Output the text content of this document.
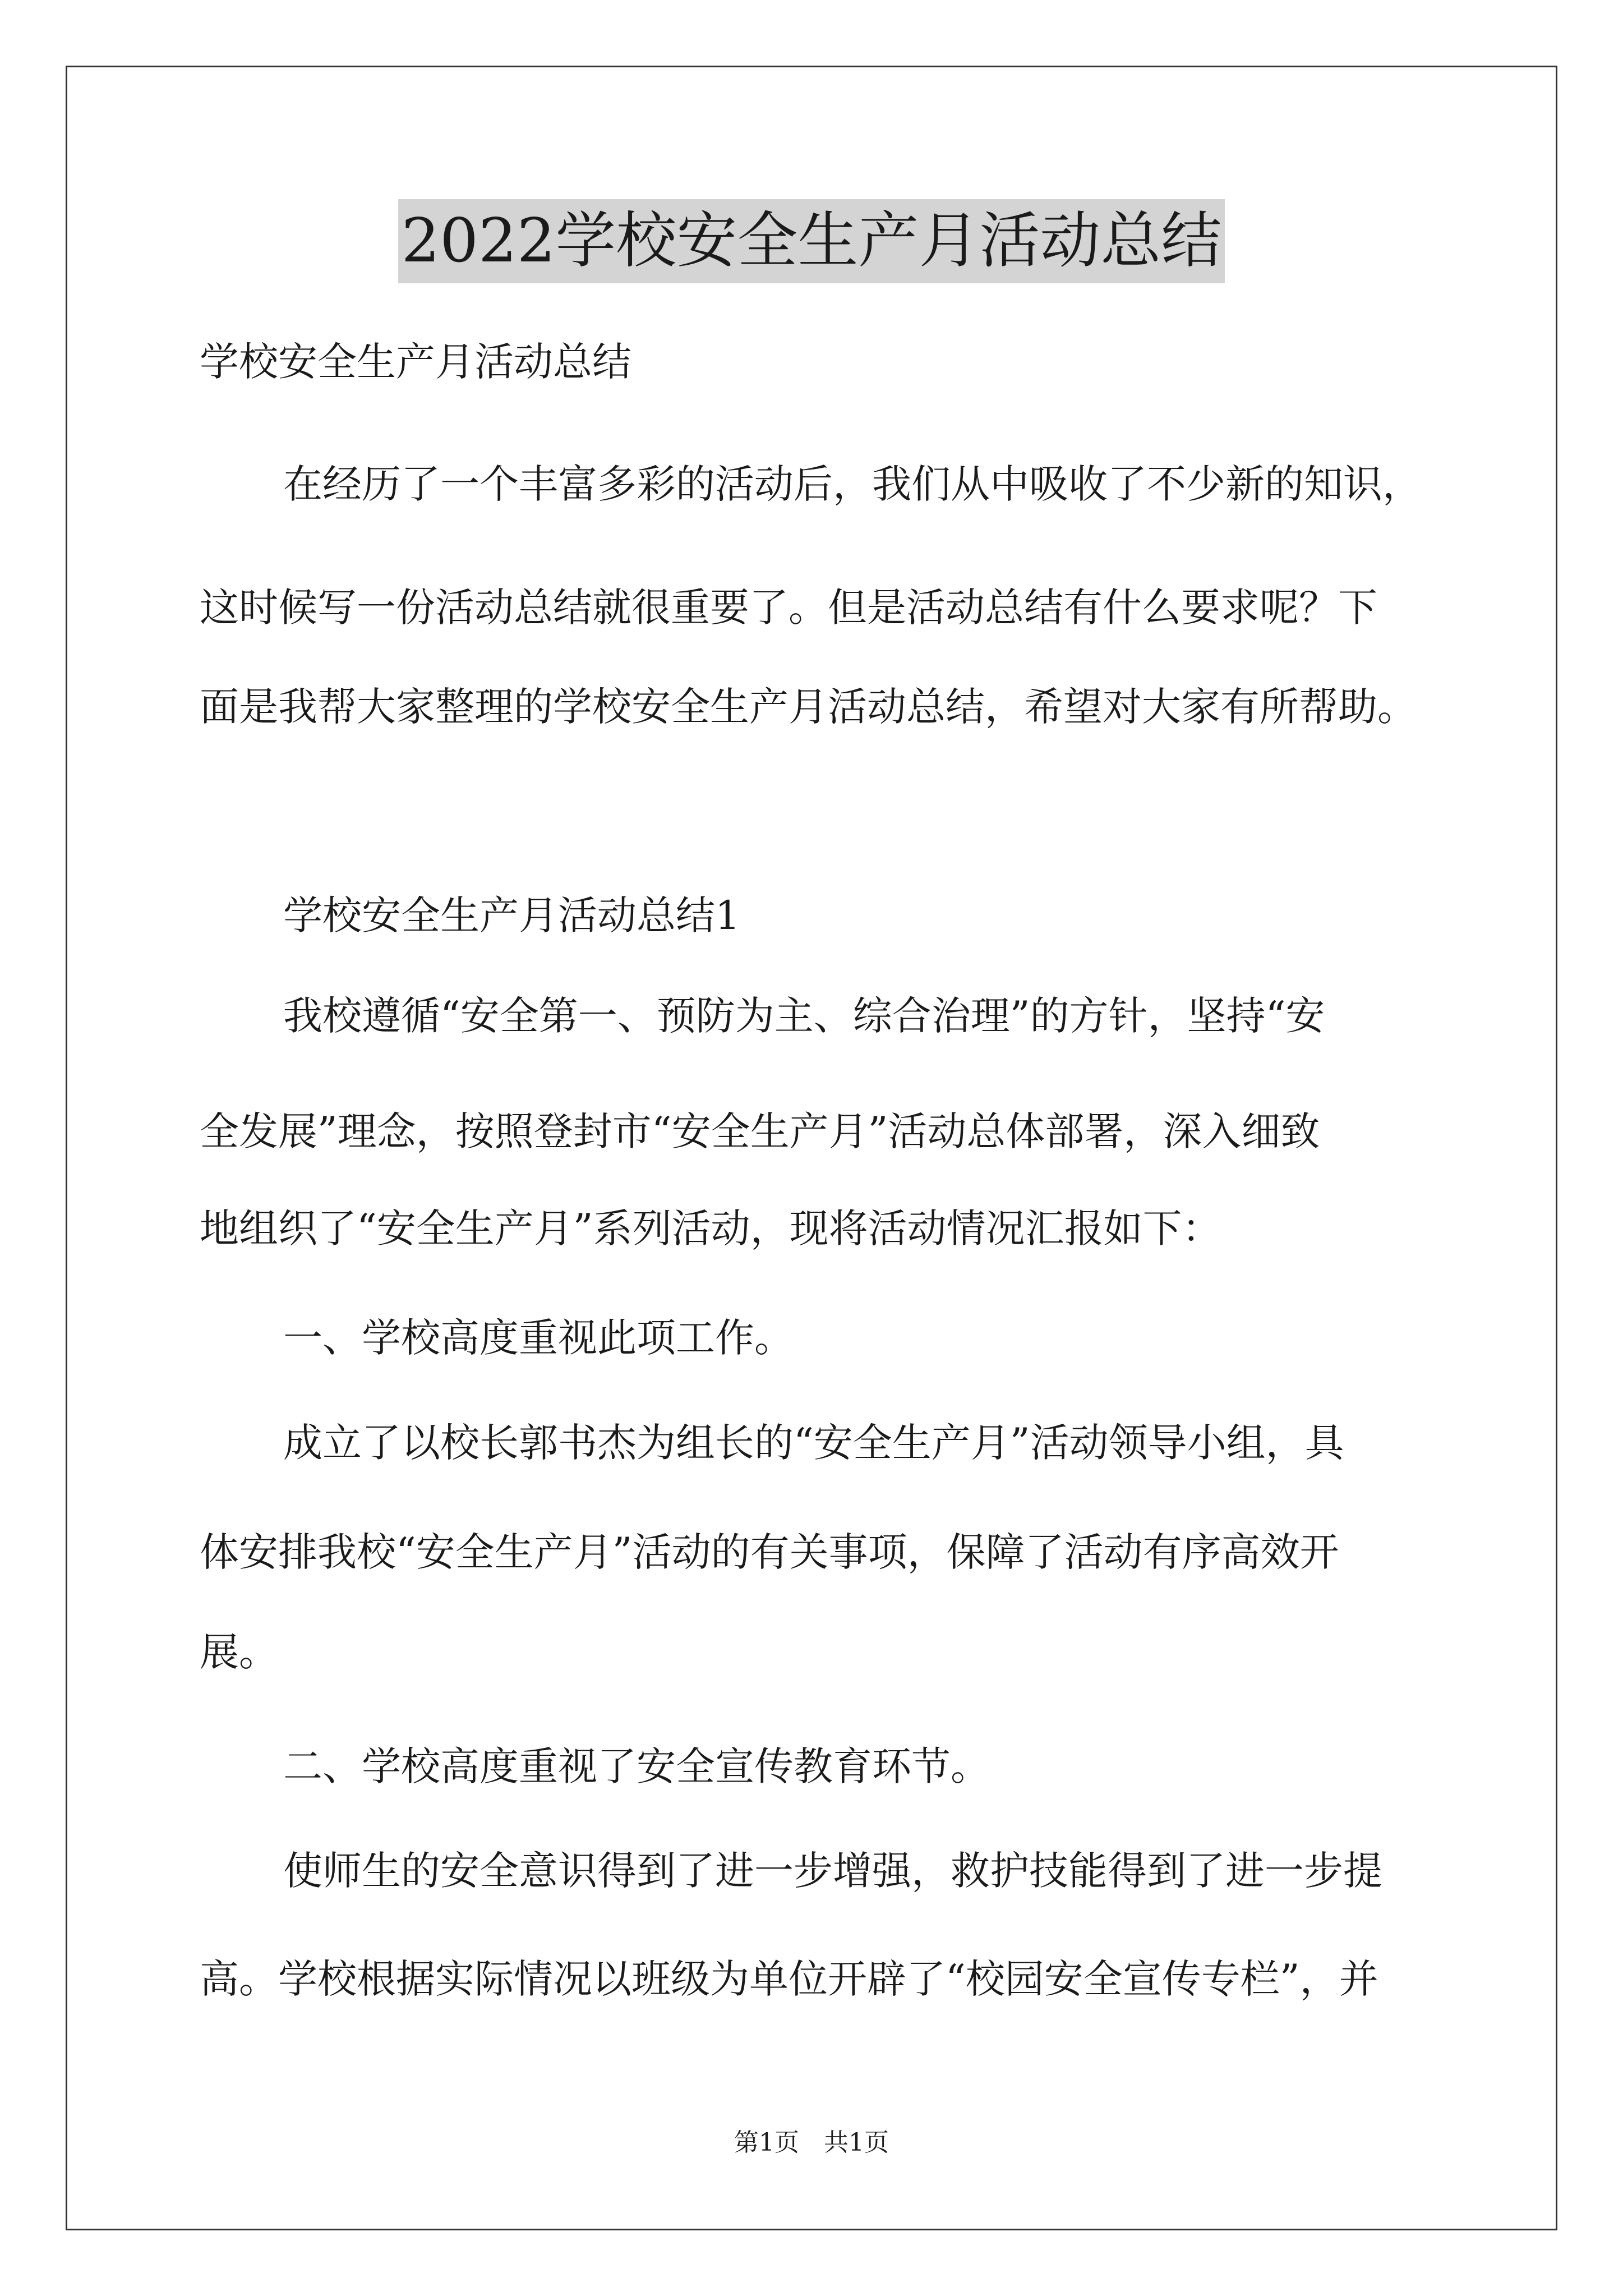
2022学校安全生产月活动总结
学校安全生产月活动总结
在经历了一个丰富多彩的活动后，我们从中吸收了不少新的知识，
这时候写一份活动总结就很重要了。但是活动总结有什么要求呢？下
面是我帮大家整理的学校安全生产月活动总结，希望对大家有所帮助。
学校安全生产月活动总结1
我校遵循“安全第一、预防为主、综合治理”的方针，坚持“安
全发展”理念，按照登封市“安全生产月”活动总体部署，深入细致
地组织了“安全生产月”系列活动，现将活动情况汇报如下：
一、学校高度重视此项工作。
成立了以校长郭书杰为组长的“安全生产月”活动领导小组，具
体安排我校“安全生产月”活动的有关事项，保障了活动有序高效开
展。
二、学校高度重视了安全宣传教育环节。
使师生的安全意识得到了进一步增强，救护技能得到了进一步提
高。学校根据实际情况以班级为单位开辟了“校园安全宣传专栏”，并
第1页　共1页
